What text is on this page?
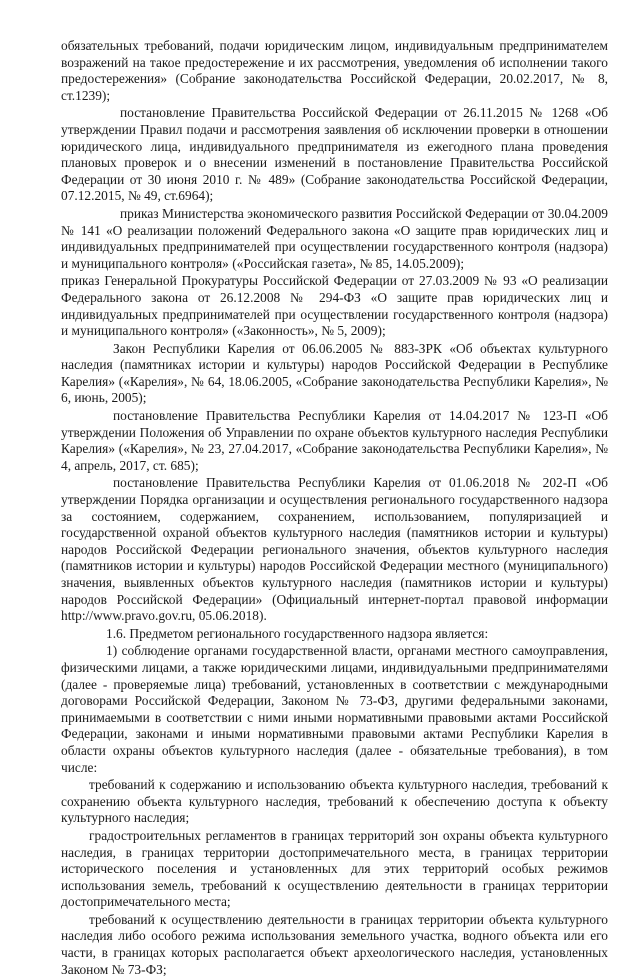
обязательных требований, подачи юридическим лицом, индивидуальным предпринимателем возражений на такое предостережение и их рассмотрения, уведомления об исполнении такого предостережения» (Собрание законодательства Российской Федерации, 20.02.2017, № 8, ст.1239);

постановление Правительства Российской Федерации от 26.11.2015 № 1268 «Об утверждении Правил подачи и рассмотрения заявления об исключении проверки в отношении юридического лица, индивидуального предпринимателя из ежегодного плана проведения плановых проверок и о внесении изменений в постановление Правительства Российской Федерации от 30 июня 2010 г. № 489» (Собрание законодательства Российской Федерации, 07.12.2015, № 49, ст.6964);

приказ Министерства экономического развития Российской Федерации от 30.04.2009 № 141 «О реализации положений Федерального закона «О защите прав юридических лиц и индивидуальных предпринимателей при осуществлении государственного контроля (надзора) и муниципального контроля» («Российская газета», № 85, 14.05.2009);

приказ Генеральной Прокуратуры Российской Федерации от 27.03.2009 № 93 «О реализации Федерального закона от 26.12.2008 № 294-ФЗ «О защите прав юридических лиц и индивидуальных предпринимателей при осуществлении государственного контроля (надзора) и муниципального контроля» («Законность», № 5, 2009);

Закон Республики Карелия от 06.06.2005 № 883-ЗРК «Об объектах культурного наследия (памятниках истории и культуры) народов Российской Федерации в Республике Карелия» («Карелия», № 64, 18.06.2005, «Собрание законодательства Республики Карелия», № 6, июнь, 2005);

постановление Правительства Республики Карелия от 14.04.2017 № 123-П «Об утверждении Положения об Управлении по охране объектов культурного наследия Республики Карелия» («Карелия», № 23, 27.04.2017, «Собрание законодательства Республики Карелия», № 4, апрель, 2017, ст. 685);

постановление Правительства Республики Карелия от 01.06.2018 № 202-П «Об утверждении Порядка организации и осуществления регионального государственного надзора за состоянием, содержанием, сохранением, использованием, популяризацией и государственной охраной объектов культурного наследия (памятников истории и культуры) народов Российской Федерации регионального значения, объектов культурного наследия (памятников истории и культуры) народов Российской Федерации местного (муниципального) значения, выявленных объектов культурного наследия (памятников истории и культуры) народов Российской Федерации» (Официальный интернет-портал правовой информации http://www.pravo.gov.ru, 05.06.2018).

1.6. Предметом регионального государственного надзора является:

1) соблюдение органами государственной власти, органами местного самоуправления, физическими лицами, а также юридическими лицами, индивидуальными предпринимателями (далее - проверяемые лица) требований, установленных в соответствии с международными договорами Российской Федерации, Законом № 73-ФЗ, другими федеральными законами, принимаемыми в соответствии с ними иными нормативными правовыми актами Российской Федерации, законами и иными нормативными правовыми актами Республики Карелия в области охраны объектов культурного наследия (далее - обязательные требования), в том числе:

требований к содержанию и использованию объекта культурного наследия, требований к сохранению объекта культурного наследия, требований к обеспечению доступа к объекту культурного наследия;

градостроительных регламентов в границах территорий зон охраны объекта культурного наследия, в границах территории достопримечательного места, в границах территории исторического поселения и установленных для этих территорий особых режимов использования земель, требований к осуществлению деятельности в границах территории достопримечательного места;

требований к осуществлению деятельности в границах территории объекта культурного наследия либо особого режима использования земельного участка, водного объекта или его части, в границах которых располагается объект археологического наследия, установленных Законом № 73-ФЗ;
